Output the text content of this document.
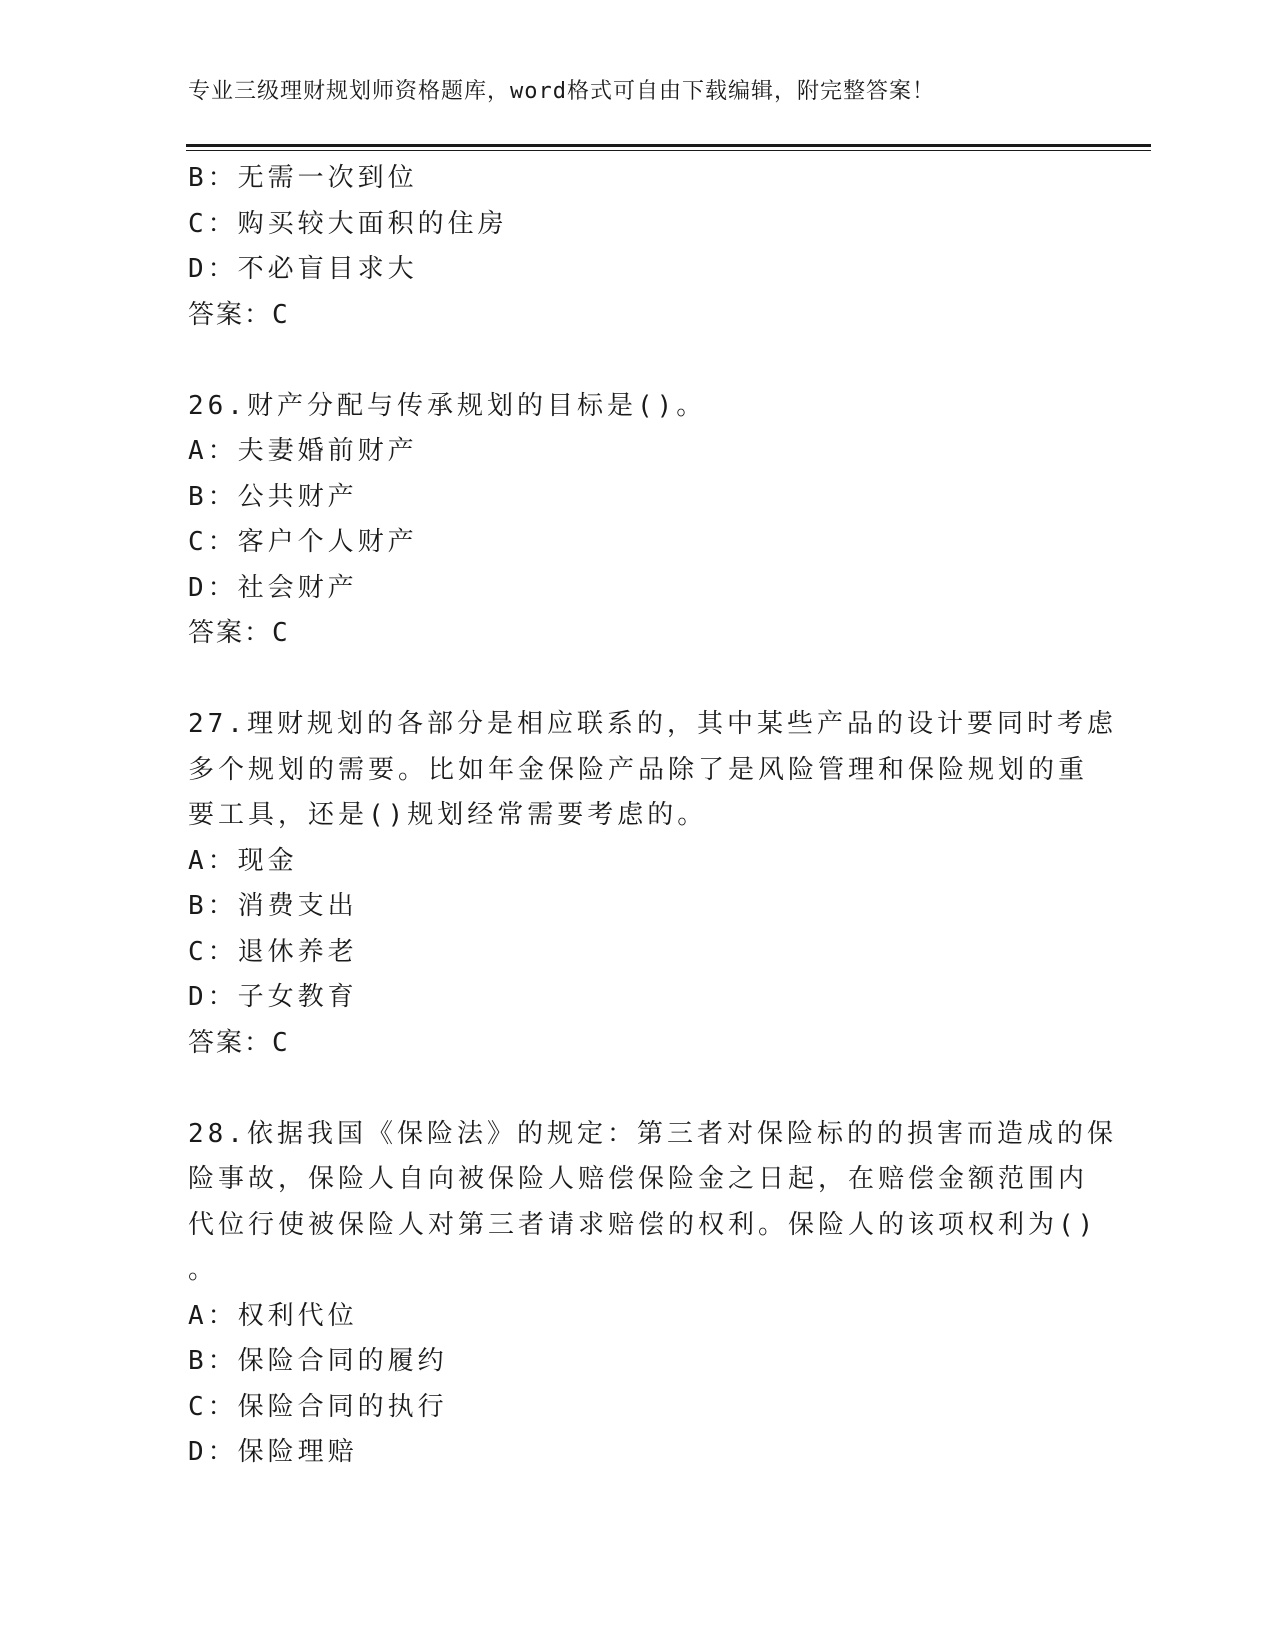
专业三级理财规划师资格题库，word格式可自由下载编辑，附完整答案！
B：无需一次到位
C：购买较大面积的住房
D：不必盲目求大
答案：C
26.财产分配与传承规划的目标是()。
A：夫妻婚前财产
B：公共财产
C：客户个人财产
D：社会财产
答案：C
27.理财规划的各部分是相应联系的，其中某些产品的设计要同时考虑
多个规划的需要。比如年金保险产品除了是风险管理和保险规划的重
要工具，还是()规划经常需要考虑的。
A：现金
B：消费支出
C：退休养老
D：子女教育
答案：C
28.依据我国《保险法》的规定：第三者对保险标的的损害而造成的保
险事故，保险人自向被保险人赔偿保险金之日起，在赔偿金额范围内
代位行使被保险人对第三者请求赔偿的权利。保险人的该项权利为()
。
A：权利代位
B：保险合同的履约
C：保险合同的执行
D：保险理赔
